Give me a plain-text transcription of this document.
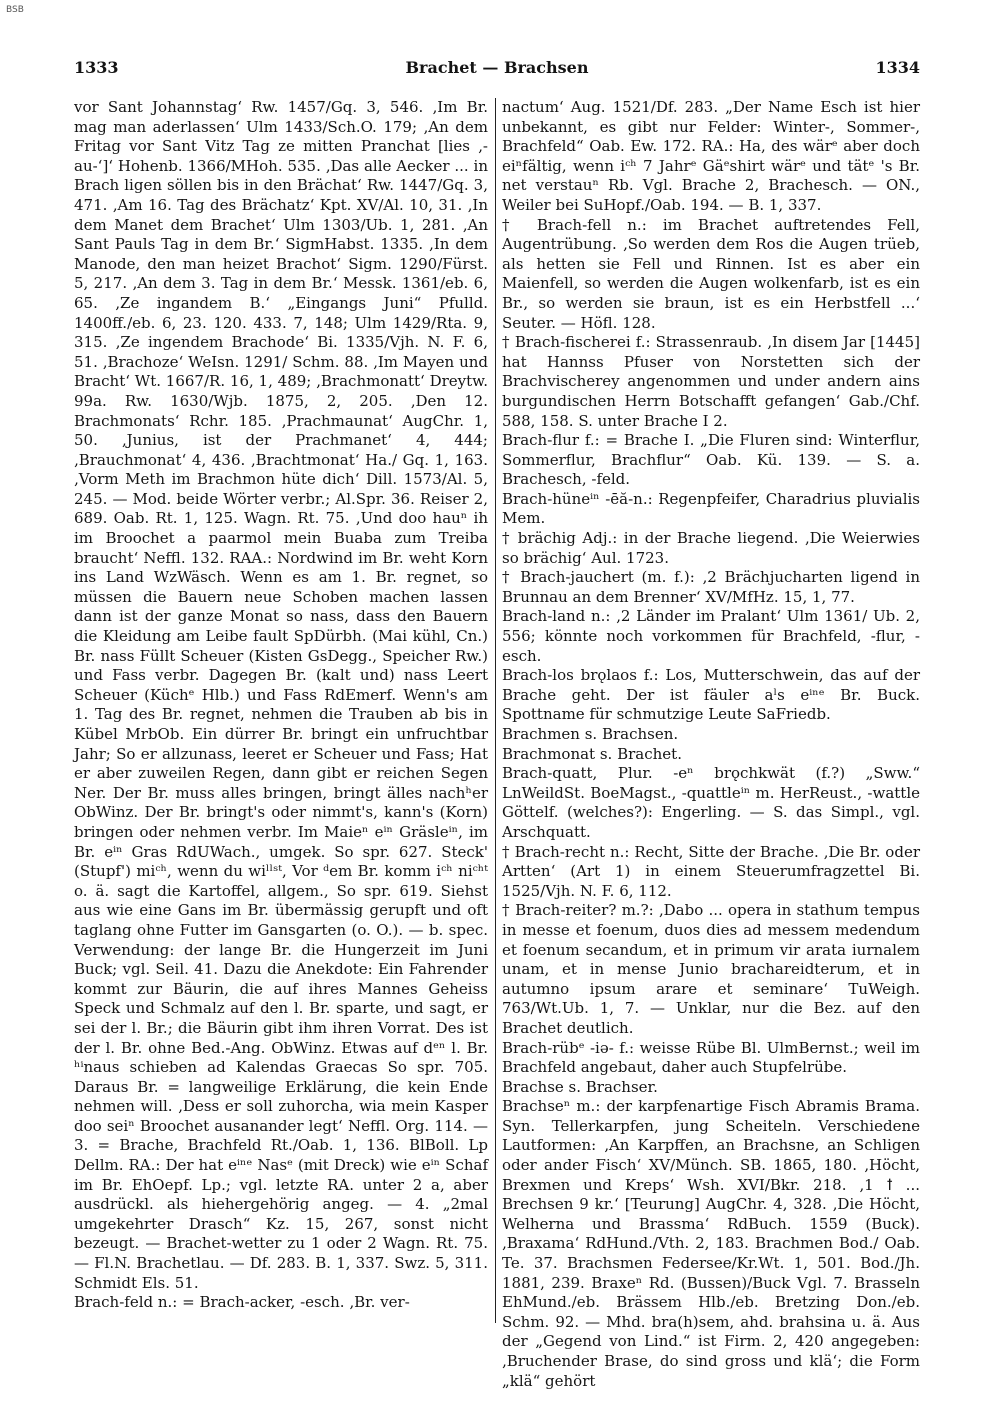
BSB
1333	Brachet — Brachsen	1334

vor Sant Johannstag‘ Rw. 1457/Gq. 3, 546. ‚Im Br. mag man aderlassen‘ Ulm 1433/Sch.O. 179; ‚An dem Fritag vor Sant Vitz Tag ze mitten Pranchat [lies ‚-au-‘]‘ Hohenb. 1366/MHoh. 535. ‚Das alle Aecker ... in Brach ligen söllen bis in den Brächat‘ Rw. 1447/Gq. 3, 471. ‚Am 16. Tag des Brächatz‘ Kpt. XV/Al. 10, 31. ‚In dem Manet dem Brachet‘ Ulm 1303/Ub. 1, 281. ‚An Sant Pauls Tag in dem Br.‘ SigmHabst. 1335. ‚In dem Manode, den man heizet Brachot‘ Sigm. 1290/Fürst. 5, 217. ‚An dem 3. Tag in dem Br.‘ Messk. 1361/eb. 6, 65. ‚Ze ingandem B.‘ „Eingangs Juni“ Pfulld. 1400ff./eb. 6, 23. 120. 433. 7, 148; Ulm 1429/Rta. 9, 315. ‚Ze ingendem Brachode‘ Bi. 1335/Vjh. N. F. 6, 51. ‚Brachoze‘ WeIsn. 1291/ Schm. 88. ‚Im Mayen und Bracht‘ Wt. 1667/R. 16, 1, 489; ‚Brachmonatt‘ Dreytw. 99a. Rw. 1630/Wjb. 1875, 2, 205. ‚Den 12. Brachmonats‘ Rchr. 185. ‚Prachmaunat‘ AugChr. 1, 50. ‚Junius, ist der Prachmanet‘ 4, 444; ‚Brauchmonat‘ 4, 436. ‚Brachtmonat‘ Ha./ Gq. 1, 163. ‚Vorm Meth im Brachmon hüte dich‘ Dill. 1573/Al. 5, 245. — Mod. beide Wörter verbr.; Al.Spr. 36. Reiser 2, 689. Oab. Rt. 1, 125. Wagn. Rt. 75. ‚Und doo hauⁿ ih im Broochet a paarmol mein Buaba zum Treiba braucht‘ Neffl. 132. RAA.: Nordwind im Br. weht Korn ins Land WzWäsch. Wenn es am 1. Br. regnet, so müssen die Bauern neue Schoben machen lassen dann ist der ganze Monat so nass, dass den Bauern die Kleidung am Leibe fault SpDürbh. (Mai kühl, Cn.) Br. nass Füllt Scheuer (Kisten GsDegg., Speicher Rw.) und Fass verbr. Dagegen Br. (kalt und) nass Leert Scheuer (Küchᵉ Hlb.) und Fass RdEmerf. Wenn's am 1. Tag des Br. regnet, nehmen die Trauben ab bis in Kübel MrbOb. Ein dürrer Br. bringt ein unfruchtbar Jahr; So er allzunass, leeret er Scheuer und Fass; Hat er aber zuweilen Regen, dann gibt er reichen Segen Ner. Der Br. muss alles bringen, bringt älles nachʰer ObWinz. Der Br. bringt's oder nimmt's, kann's (Korn) bringen oder nehmen verbr. Im Maieⁿ eⁱⁿ Gräsleⁱⁿ, im Br. eⁱⁿ Gras RdUWach., umgek. So spr. 627. Steck' (Stupf') miᶜʰ, wenn du wiˡˡˢᵗ, Vor ᵈem Br. komm iᶜʰ niᶜʰᵗ o. ä. sagt die Kartoffel, allgem., So spr. 619. Siehst aus wie eine Gans im Br. übermässig gerupft und oft taglang ohne Futter im Gansgarten (o. O.). — b. spec. Verwendung: der lange Br. die Hungerzeit im Juni Buck; vgl. Seil. 41. Dazu die Anekdote: Ein Fahrender kommt zur Bäurin, die auf ihres Mannes Geheiss Speck und Schmalz auf den l. Br. sparte, und sagt, er sei der l. Br.; die Bäurin gibt ihm ihren Vorrat. Des ist der l. Br. ohne Bed.-Ang. ObWinz. Etwas auf dᵉⁿ l. Br. ʰⁱnaus schieben ad Kalendas Graecas So spr. 705. Daraus Br. = langweilige Erklärung, die kein Ende nehmen will. ‚Dess er soll zuhorcha, wia mein Kasper doo seiⁿ Broochet ausanander legt‘ Neffl. Org. 114. — 3. = Brache, Brachfeld Rt./Oab. 1, 136. BlBoll. Lp Dellm. RA.: Der hat eⁱⁿᵉ Nasᵉ (mit Dreck) wie eⁱⁿ Schaf im Br. EhOepf. Lp.; vgl. letzte RA. unter 2 a, aber ausdrückl. als hiehergehörig angeg. — 4. „2mal umgekehrter Drasch“ Kz. 15, 267, sonst nicht bezeugt. — Brachet-wetter zu 1 oder 2 Wagn. Rt. 75. — Fl.N. Brachetlau. — Df. 283. B. 1, 337. Swz. 5, 311. Schmidt Els. 51.

Brach-feld n.: = Brach-acker, -esch. ‚Br. ver-

nactum‘ Aug. 1521/Df. 283. „Der Name Esch ist hier unbekannt, es gibt nur Felder: Winter-, Sommer-, Brachfeld“ Oab. Ew. 172. RA.: Ha, des wärᵉ aber doch eiⁿfältig, wenn iᶜʰ 7 Jahrᵉ Gäᵉshirt wärᵉ und tätᵉ 's Br. net verstauⁿ Rb. Vgl. Brache 2, Brachesch. — ON., Weiler bei SuHopf./Oab. 194. — B. 1, 337.

† Brach-fell n.: im Brachet auftretendes Fell, Augentrübung. ‚So werden dem Ros die Augen trüeb, als hetten sie Fell und Rinnen. Ist es aber ein Maienfell, so werden die Augen wolkenfarb, ist es ein Br., so werden sie braun, ist es ein Herbstfell ...‘ Seuter. — Höfl. 128.

† Brach-fischerei f.: Strassenraub. ‚In disem Jar [1445] hat Hannss Pfuser von Norstetten sich der Brachvischerey angenommen und under andern ains burgundischen Herrn Botschafft gefangen‘ Gab./Chf. 588, 158. S. unter Brache I 2.

Brach-flur f.: = Brache I. „Die Fluren sind: Winterflur, Sommerflur, Brachflur“ Oab. Kü. 139. — S. a. Brachesch, -feld.

Brach-hüneⁱⁿ -ēă-n.: Regenpfeifer, Charadrius pluvialis Mem.

† brächig Adj.: in der Brache liegend. ‚Die Weierwies so brächig‘ Aul. 1723.

† Brach-jauchert (m. f.): ‚2 Brächjucharten ligend in Brunnau an dem Brenner‘ XV/MfHz. 15, 1, 77.

Brach-land n.: ‚2 Länder im Pralant‘ Ulm 1361/ Ub. 2, 556; könnte noch vorkommen für Brachfeld, -flur, -esch.

Brach-los brǫlaos f.: Los, Mutterschwein, das auf der Brache geht. Der ist fäuler aˡs eⁱⁿᵉ Br. Buck. Spottname für schmutzige Leute SaFriedb.

Brachmen s. Brachsen.

Brachmonat s. Brachet.

Brach-quatt, Plur. -eⁿ brǫchkwät (f.?) „Sww.“ LnWeildSt. BoeMagst., -quattleⁱⁿ m. HerReust., -wattle Göttelf. (welches?): Engerling. — S. das Simpl., vgl. Arschquatt.

† Brach-recht n.: Recht, Sitte der Brache. ‚Die Br. oder Artten‘ (Art 1) in einem Steuerumfragzettel Bi. 1525/Vjh. N. F. 6, 112.

† Brach-reiter? m.?: ‚Dabo ... opera in stathum tempus in messe et foenum, duos dies ad messem medendum et foenum secandum, et in primum vir arata iurnalem unam, et in mense Junio brachareidterum, et in autumno ipsum arare et seminare‘ TuWeigh. 763/Wt.Ub. 1, 7. — Unklar, nur die Bez. auf den Brachet deutlich.

Brach-rübᵉ -iə- f.: weisse Rübe Bl. UlmBernst.; weil im Brachfeld angebaut, daher auch Stupfelrübe.

Brachse s. Brachser.

Brachseⁿ m.: der karpfenartige Fisch Abramis Brama. Syn. Tellerkarpfen, jung Scheiteln. Verschiedene Lautformen: ‚An Karpffen, an Brachsne, an Schligen oder ander Fisch‘ XV/Münch. SB. 1865, 180. ‚Höcht, Brexmen und Kreps‘ Wsh. XVI/Bkr. 218. ‚1 ꝉ ... Brechsen 9 kr.‘ [Teurung] AugChr. 4, 328. ‚Die Höcht, Welherna und Brassma‘ RdBuch. 1559 (Buck). ‚Braxama‘ RdHund./Vth. 2, 183. Brachmen Bod./ Oab. Te. 37. Brachsmen Federsee/Kr.Wt. 1, 501. Bod./Jh. 1881, 239. Braxeⁿ Rd. (Bussen)/Buck Vgl. 7. Brasseln EhMund./eb. Brässem Hlb./eb. Bretzing Don./eb. Schm. 92. — Mhd. bra(h)sem, ahd. brahsina u. ä. Aus der „Gegend von Lind.“ ist Firm. 2, 420 angegeben: ‚Bruchender Brase, do sind gross und klä‘; die Form „klä“ gehört
